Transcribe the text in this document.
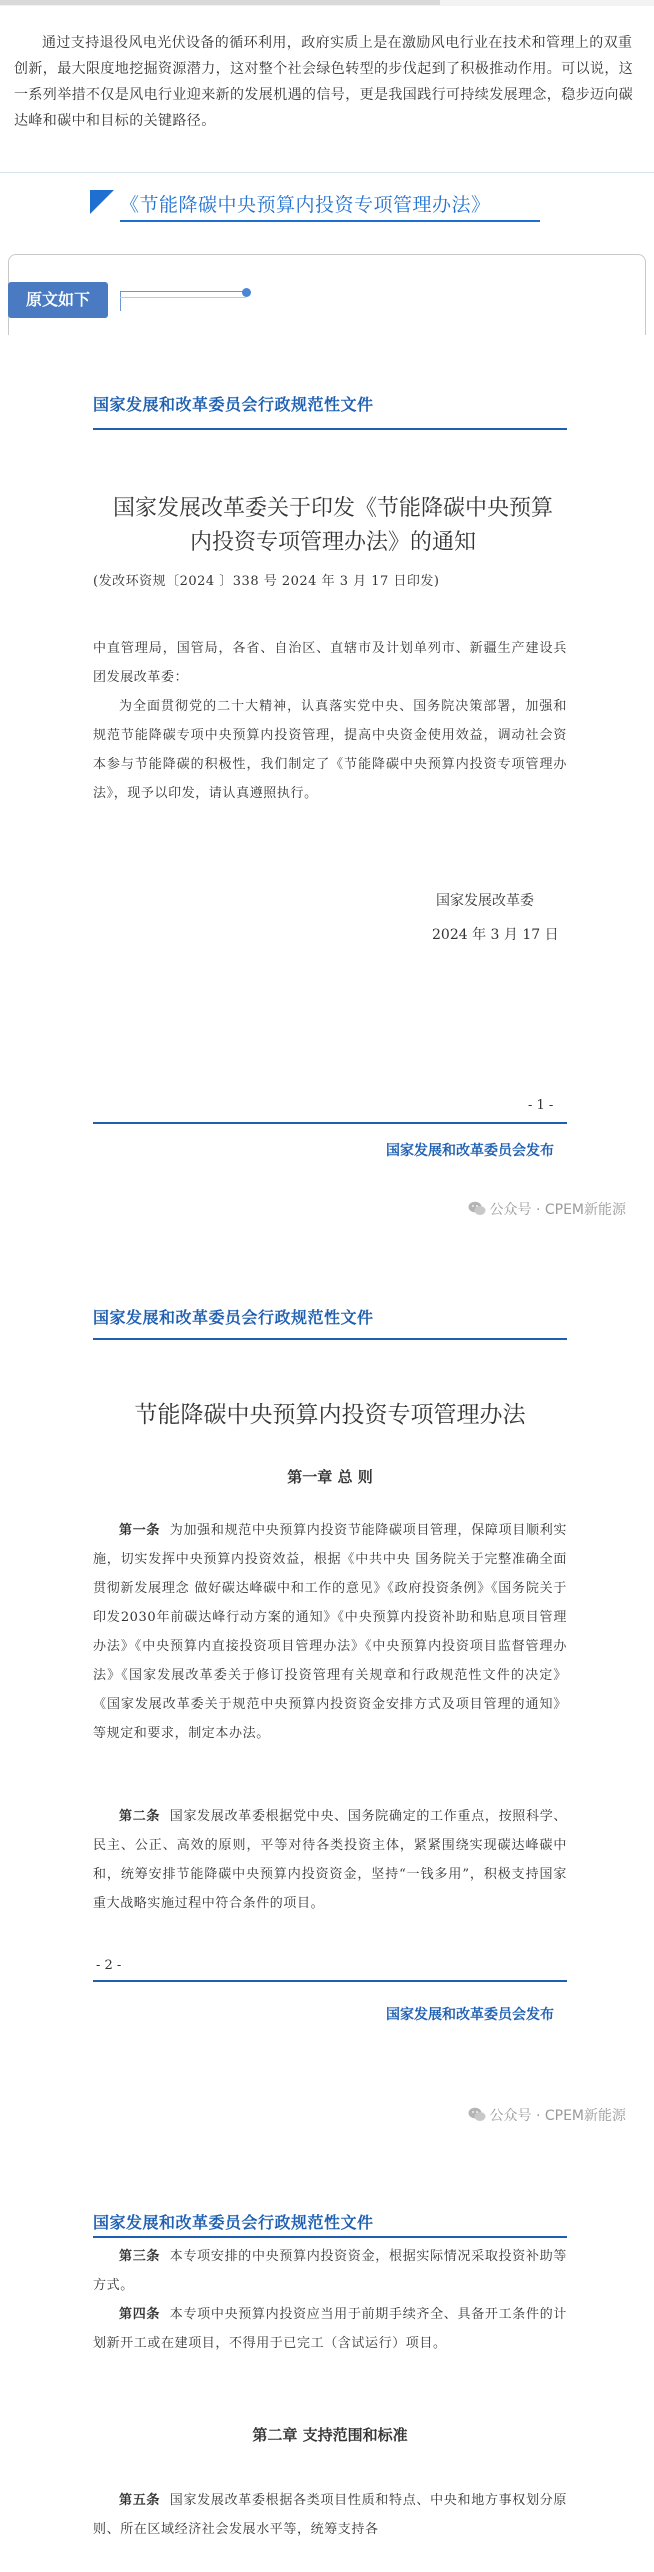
通过支持退役风电光伏设备的循环利用，政府实质上是在激励风电行业在技术和管理上的双重创新，最大限度地挖掘资源潜力，这对整个社会绿色转型的步伐起到了积极推动作用。可以说，这一系列举措不仅是风电行业迎来新的发展机遇的信号，更是我国践行可持续发展理念，稳步迈向碳达峰和碳中和目标的关键路径。

《节能降碳中央预算内投资专项管理办法》
原文如下
国家发展和改革委员会行政规范性文件
国家发展改革委关于印发《节能降碳中央预算
内投资专项管理办法》的通知
(发改环资规〔2024 〕338 号 2024 年 3 月 17 日印发)

中直管理局，国管局，各省、自治区、直辖市及计划单列市、新疆生产建设兵团发展改革委：

为全面贯彻党的二十大精神，认真落实党中央、国务院决策部署，加强和规范节能降碳专项中央预算内投资管理，提高中央资金使用效益，调动社会资本参与节能降碳的积极性，我们制定了《节能降碳中央预算内投资专项管理办法》，现予以印发，请认真遵照执行。

国家发展改革委
2024 年 3 月 17 日
- 1 -
国家发展和改革委员会发布
公众号 · CPEM新能源
国家发展和改革委员会行政规范性文件
节能降碳中央预算内投资专项管理办法
第一章 总 则

第一条 为加强和规范中央预算内投资节能降碳项目管理，保障项目顺利实施，切实发挥中央预算内投资效益，根据《中共中央 国务院关于完整准确全面贯彻新发展理念 做好碳达峰碳中和工作的意见》《政府投资条例》《国务院关于印发2030年前碳达峰行动方案的通知》《中央预算内投资补助和贴息项目管理办法》《中央预算内直接投资项目管理办法》《中央预算内投资项目监督管理办法》《国家发展改革委关于修订投资管理有关规章和行政规范性文件的决定》《国家发展改革委关于规范中央预算内投资资金安排方式及项目管理的通知》等规定和要求，制定本办法。

第二条 国家发展改革委根据党中央、国务院确定的工作重点，按照科学、民主、公正、高效的原则，平等对待各类投资主体，紧紧围绕实现碳达峰碳中和，统筹安排节能降碳中央预算内投资资金，坚持“一钱多用”，积极支持国家重大战略实施过程中符合条件的项目。

- 2 -
国家发展和改革委员会发布
公众号 · CPEM新能源
国家发展和改革委员会行政规范性文件

第三条 本专项安排的中央预算内投资资金，根据实际情况采取投资补助等方式。

第四条 本专项中央预算内投资应当用于前期手续齐全、具备开工条件的计划新开工或在建项目，不得用于已完工（含试运行）项目。

第二章 支持范围和标准

第五条 国家发展改革委根据各类项目性质和特点、中央和地方事权划分原则、所在区域经济社会发展水平等，统筹支持各
